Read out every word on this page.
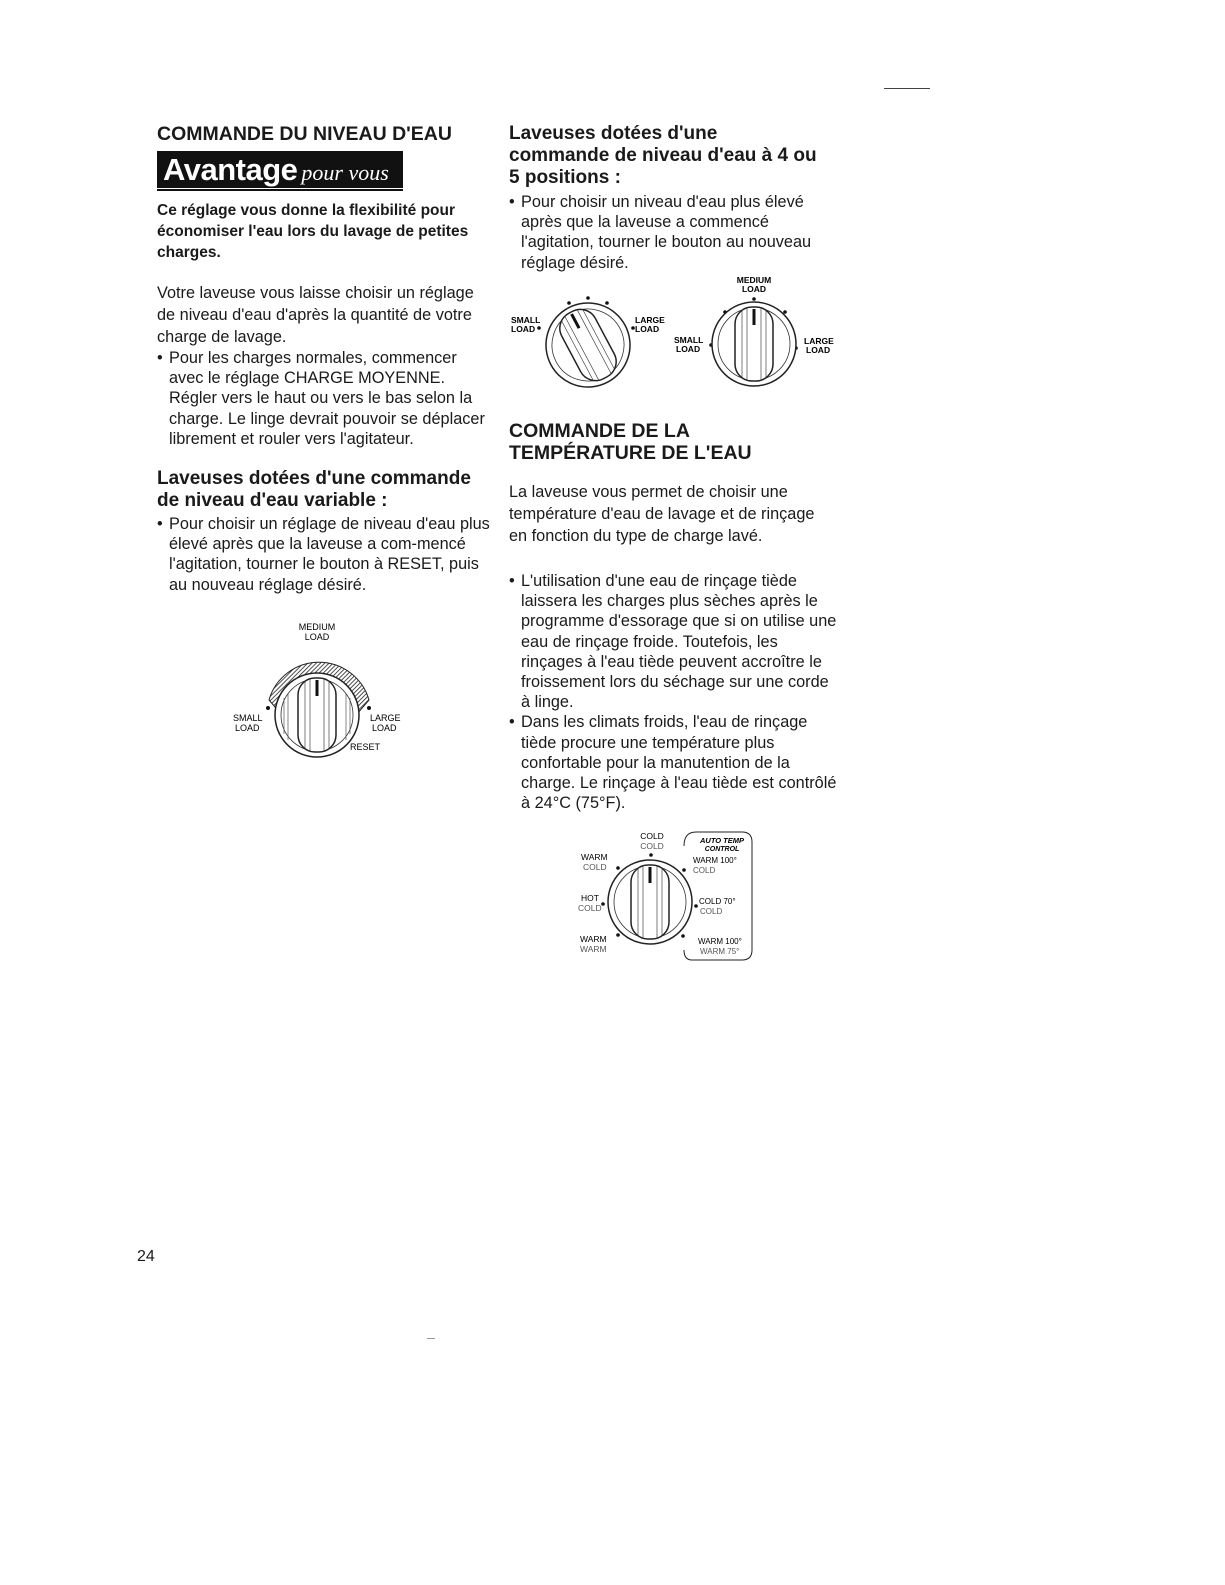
COMMANDE DU NIVEAU D'EAU
Avantage pour vous

Ce réglage vous donne la flexibilité pour économiser l'eau lors du lavage de petites charges.

Votre laveuse vous laisse choisir un réglage de niveau d'eau d'après la quantité de votre charge de lavage.

• Pour les charges normales, commencer avec le réglage CHARGE MOYENNE. Régler vers le haut ou vers le bas selon la charge. Le linge devrait pouvoir se déplacer librement et rouler vers l'agitateur.
Laveuses dotées d'une commande de niveau d'eau variable :
• Pour choisir un réglage de niveau d'eau plus élevé après que la laveuse a com-mencé l'agitation, tourner le bouton à RESET, puis au nouveau réglage désiré.
MEDIUM
LOAD
SMALL
LOAD
LARGE
LOAD
RESET
Laveuses dotées d'une commande de niveau d'eau à 4 ou 5 positions :
• Pour choisir un niveau d'eau plus élevé après que la laveuse a commencé l'agitation, tourner le bouton au nouveau réglage désiré.
SMALL
LOAD
LARGE
LOAD
MEDIUM
LOAD
SMALL
LOAD
LARGE
LOAD
COMMANDE DE LA
TEMPÉRATURE DE L'EAU

La laveuse vous permet de choisir une température d'eau de lavage et de rinçage en fonction du type de charge lavé.

• L'utilisation d'une eau de rinçage tiède laissera les charges plus sèches après le programme d'essorage que si on utilise une eau de rinçage froide. Toutefois, les rinçages à l'eau tiède peuvent accroître le froissement lors du séchage sur une corde à linge.
• Dans les climats froids, l'eau de rinçage tiède procure une température plus confortable pour la manutention de la charge. Le rinçage à l'eau tiède est contrôlé à 24°C (75°F).
COLD
COLD
WARM
COLD
HOT
COLD
WARM
WARM
AUTO TEMP
CONTROL
WARM 100°
COLD
COLD 70°
COLD
WARM 100°
WARM 75°
24
